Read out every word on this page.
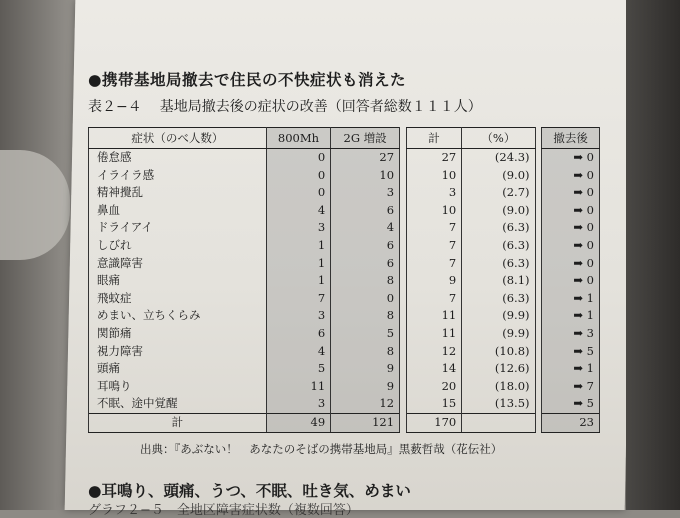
●携帯基地局撤去で住民の不快症状も消えた
表２−４ 基地局撤去後の症状の改善（回答者総数１１１人）
症状（のべ人数）	800Mh	2G 増設		計	（%）		撤去後
倦怠感	0	27		27	(24.3)		➡ 0
イライラ感	0	10		10	(9.0)		➡ 0
精神攪乱	0	3		3	(2.7)		➡ 0
鼻血	4	6		10	(9.0)		➡ 0
ドライアイ	3	4		7	(6.3)		➡ 0
しびれ	1	6		7	(6.3)		➡ 0
意識障害	1	6		7	(6.3)		➡ 0
眼痛	1	8		9	(8.1)		➡ 0
飛蚊症	7	0		7	(6.3)		➡ 1
めまい、立ちくらみ	3	8		11	(9.9)		➡ 1
関節痛	6	5		11	(9.9)		➡ 3
視力障害	4	8		12	(10.8)		➡ 5
頭痛	5	9		14	(12.6)		➡ 1
耳鳴り	11	9		20	(18.0)		➡ 7
不眠、途中覚醒	3	12		15	(13.5)		➡ 5
計	49	121		170			23
出典：『あぶない！　あなたのそばの携帯基地局』黒薮哲哉（花伝社）
●耳鳴り、頭痛、うつ、不眠、吐き気、めまい
グラフ２−５　全地区障害症状数（複数回答）
